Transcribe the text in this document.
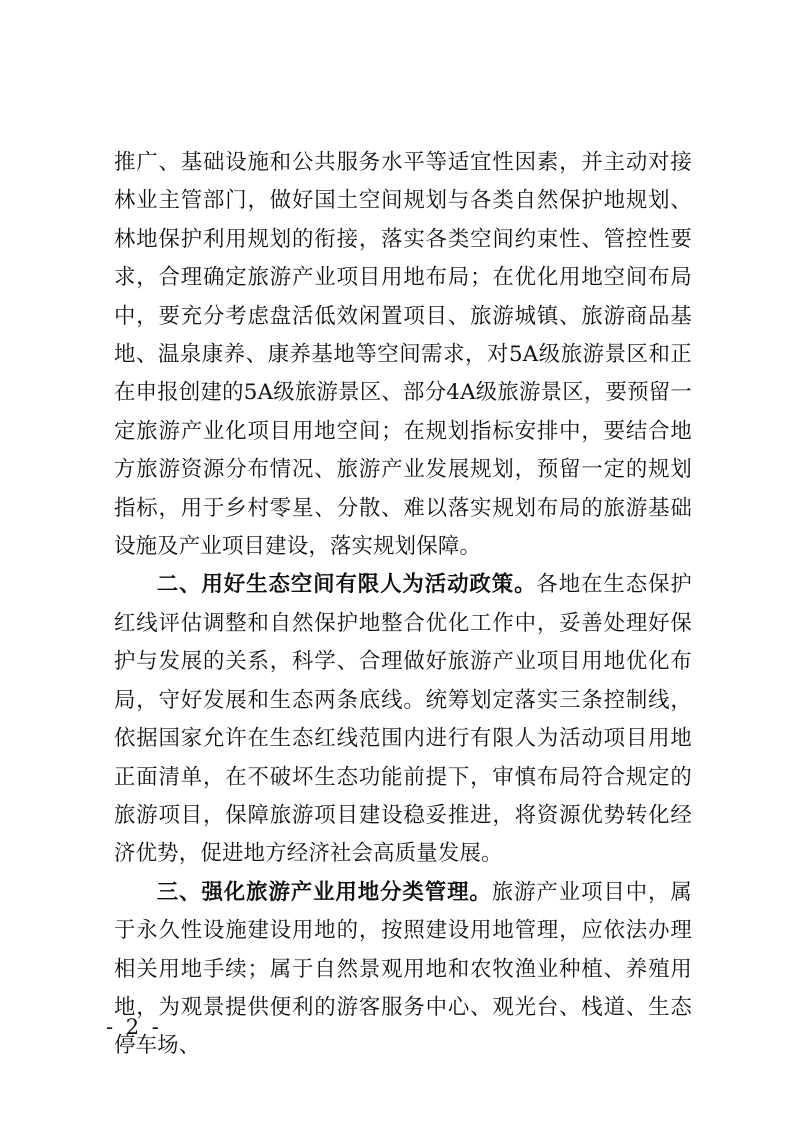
推广、基础设施和公共服务水平等适宜性因素，并主动对接林业主管部门，做好国土空间规划与各类自然保护地规划、林地保护利用规划的衔接，落实各类空间约束性、管控性要求，合理确定旅游产业项目用地布局；在优化用地空间布局中，要充分考虑盘活低效闲置项目、旅游城镇、旅游商品基地、温泉康养、康养基地等空间需求，对5A级旅游景区和正在申报创建的5A级旅游景区、部分4A级旅游景区，要预留一定旅游产业化项目用地空间；在规划指标安排中，要结合地方旅游资源分布情况、旅游产业发展规划，预留一定的规划指标，用于乡村零星、分散、难以落实规划布局的旅游基础设施及产业项目建设，落实规划保障。

二、用好生态空间有限人为活动政策。各地在生态保护红线评估调整和自然保护地整合优化工作中，妥善处理好保护与发展的关系，科学、合理做好旅游产业项目用地优化布局，守好发展和生态两条底线。统筹划定落实三条控制线，依据国家允许在生态红线范围内进行有限人为活动项目用地正面清单，在不破坏生态功能前提下，审慎布局符合规定的旅游项目，保障旅游项目建设稳妥推进，将资源优势转化经济优势，促进地方经济社会高质量发展。

三、强化旅游产业用地分类管理。旅游产业项目中，属于永久性设施建设用地的，按照建设用地管理，应依法办理相关用地手续；属于自然景观用地和农牧渔业种植、养殖用地，为观景提供便利的游客服务中心、观光台、栈道、生态停车场、

- 2 -
